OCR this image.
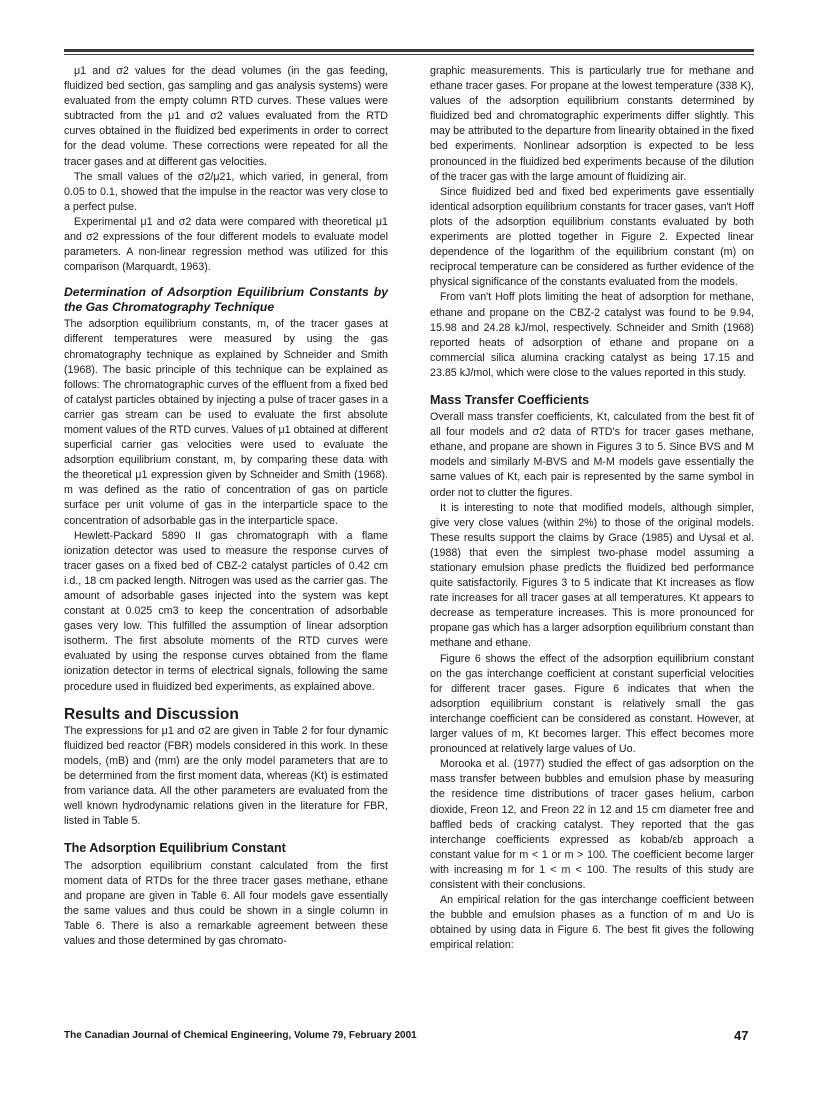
μ1 and σ2 values for the dead volumes (in the gas feeding, fluidized bed section, gas sampling and gas analysis systems) were evaluated from the empty column RTD curves. These values were subtracted from the μ1 and σ2 values evaluated from the RTD curves obtained in the fluidized bed experiments in order to correct for the dead volume. These corrections were repeated for all the tracer gases and at different gas velocities.

The small values of the σ2/μ21, which varied, in general, from 0.05 to 0.1, showed that the impulse in the reactor was very close to a perfect pulse.

Experimental μ1 and σ2 data were compared with theoretical μ1 and σ2 expressions of the four different models to evaluate model parameters. A non-linear regression method was utilized for this comparison (Marquardt, 1963).

Determination of Adsorption Equilibrium Constants by the Gas Chromatography Technique

The adsorption equilibrium constants, m, of the tracer gases at different temperatures were measured by using the gas chromatography technique as explained by Schneider and Smith (1968). The basic principle of this technique can be explained as follows: The chromatographic curves of the effluent from a fixed bed of catalyst particles obtained by injecting a pulse of tracer gases in a carrier gas stream can be used to evaluate the first absolute moment values of the RTD curves. Values of μ1 obtained at different superficial carrier gas velocities were used to evaluate the adsorption equilibrium constant, m, by comparing these data with the theoretical μ1 expression given by Schneider and Smith (1968). m was defined as the ratio of concentration of gas on particle surface per unit volume of gas in the interparticle space to the concentration of adsorbable gas in the interparticle space.

Hewlett-Packard 5890 II gas chromatograph with a flame ionization detector was used to measure the response curves of tracer gases on a fixed bed of CBZ-2 catalyst particles of 0.42 cm i.d., 18 cm packed length. Nitrogen was used as the carrier gas. The amount of adsorbable gases injected into the system was kept constant at 0.025 cm3 to keep the concentration of adsorbable gases very low. This fulfilled the assumption of linear adsorption isotherm. The first absolute moments of the RTD curves were evaluated by using the response curves obtained from the flame ionization detector in terms of electrical signals, following the same procedure used in fluidized bed experiments, as explained above.

Results and Discussion

The expressions for μ1 and σ2 are given in Table 2 for four dynamic fluidized bed reactor (FBR) models considered in this work. In these models, (mB) and (mm) are the only model parameters that are to be determined from the first moment data, whereas (Kt) is estimated from variance data. All the other parameters are evaluated from the well known hydrodynamic relations given in the literature for FBR, listed in Table 5.

The Adsorption Equilibrium Constant

The adsorption equilibrium constant calculated from the first moment data of RTDs for the three tracer gases methane, ethane and propane are given in Table 6. All four models gave essentially the same values and thus could be shown in a single column in Table 6. There is also a remarkable agreement between these values and those determined by gas chromato-

graphic measurements. This is particularly true for methane and ethane tracer gases. For propane at the lowest temperature (338 K), values of the adsorption equilibrium constants determined by fluidized bed and chromatographic experiments differ slightly. This may be attributed to the departure from linearity obtained in the fixed bed experiments. Nonlinear adsorption is expected to be less pronounced in the fluidized bed experiments because of the dilution of the tracer gas with the large amount of fluidizing air.

Since fluidized bed and fixed bed experiments gave essentially identical adsorption equilibrium constants for tracer gases, van't Hoff plots of the adsorption equilibrium constants evaluated by both experiments are plotted together in Figure 2. Expected linear dependence of the logarithm of the equilibrium constant (m) on reciprocal temperature can be considered as further evidence of the physical significance of the constants evaluated from the models.

From van't Hoff plots limiting the heat of adsorption for methane, ethane and propane on the CBZ-2 catalyst was found to be 9.94, 15.98 and 24.28 kJ/mol, respectively. Schneider and Smith (1968) reported heats of adsorption of ethane and propane on a commercial silica alumina cracking catalyst as being 17.15 and 23.85 kJ/mol, which were close to the values reported in this study.

Mass Transfer Coefficients

Overall mass transfer coefficients, Kt, calculated from the best fit of all four models and σ2 data of RTD's for tracer gases methane, ethane, and propane are shown in Figures 3 to 5. Since BVS and M models and similarly M-BVS and M-M models gave essentially the same values of Kt, each pair is represented by the same symbol in order not to clutter the figures.

It is interesting to note that modified models, although simpler, give very close values (within 2%) to those of the original models. These results support the claims by Grace (1985) and Uysal et al. (1988) that even the simplest two-phase model assuming a stationary emulsion phase predicts the fluidized bed performance quite satisfactorily. Figures 3 to 5 indicate that Kt increases as flow rate increases for all tracer gases at all temperatures. Kt appears to decrease as temperature increases. This is more pronounced for propane gas which has a larger adsorption equilibrium constant than methane and ethane.

Figure 6 shows the effect of the adsorption equilibrium constant on the gas interchange coefficient at constant superficial velocities for different tracer gases. Figure 6 indicates that when the adsorption equilibrium constant is relatively small the gas interchange coefficient can be considered as constant. However, at larger values of m, Kt becomes larger. This effect becomes more pronounced at relatively large values of Uo.

Morooka et al. (1977) studied the effect of gas adsorption on the mass transfer between bubbles and emulsion phase by measuring the residence time distributions of tracer gases helium, carbon dioxide, Freon 12, and Freon 22 in 12 and 15 cm diameter free and baffled beds of cracking catalyst. They reported that the gas interchange coefficients expressed as kobab/εb approach a constant value for m < 1 or m > 100. The coefficient become larger with increasing m for 1 < m < 100. The results of this study are consistent with their conclusions.

An empirical relation for the gas interchange coefficient between the bubble and emulsion phases as a function of m and Uo is obtained by using data in Figure 6. The best fit gives the following empirical relation:

The Canadian Journal of Chemical Engineering, Volume 79, February 2001	47
